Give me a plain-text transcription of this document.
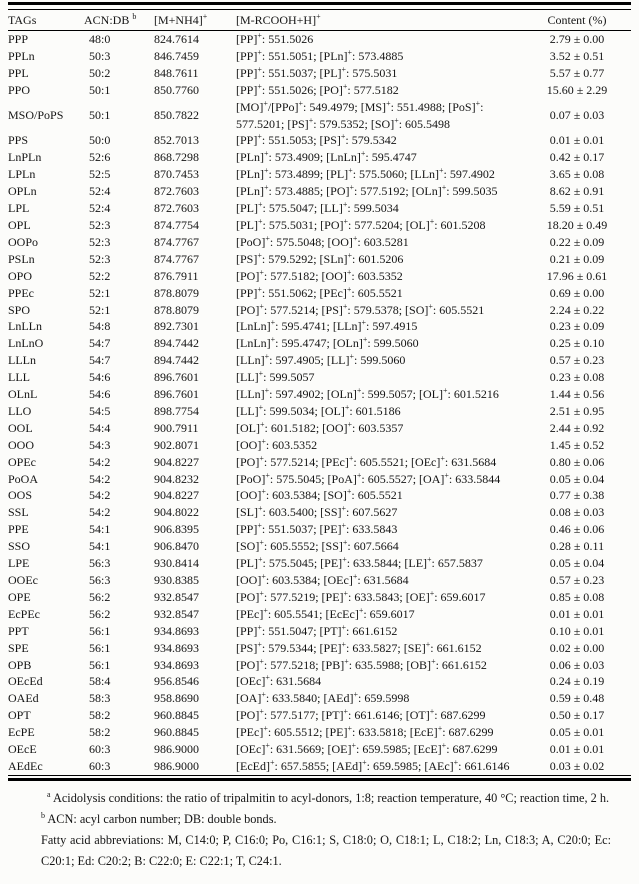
TAGs	ACN:DB $^b$	[M+NH4]+	[M-RCOOH+H]+	Content (%)
PPP	48:0	824.7614	[PP]+: 551.5026	2.79 ± 0.00
PPLn	50:3	846.7459	[PP]+: 551.5051; [PLn]+: 573.4885	3.52 ± 0.51
PPL	50:2	848.7611	[PP]+: 551.5037; [PL]+: 575.5031	5.57 ± 0.77
PPO	50:1	850.7760	[PP]+: 551.5026; [PO]+: 577.5182	15.60 ± 2.29
MSO/PoPS	50:1	850.7822	[MO]+/[PPo]+: 549.4979; [MS]+: 551.4988; [PoS]+: 577.5201; [PS]+: 579.5352; [SO]+: 605.5498	0.07 ± 0.03
PPS	50:0	852.7013	[PP]+: 551.5053; [PS]+: 579.5342	0.01 ± 0.01
LnPLn	52:6	868.7298	[PLn]+: 573.4909; [LnLn]+: 595.4747	0.42 ± 0.17
LPLn	52:5	870.7453	[PLn]+: 573.4899; [PL]+: 575.5060; [LLn]+: 597.4902	3.65 ± 0.08
OPLn	52:4	872.7603	[PLn]+: 573.4885; [PO]+: 577.5192; [OLn]+: 599.5035	8.62 ± 0.91
LPL	52:4	872.7603	[PL]+: 575.5047; [LL]+: 599.5034	5.59 ± 0.51
OPL	52:3	874.7754	[PL]+: 575.5031; [PO]+: 577.5204; [OL]+: 601.5208	18.20 ± 0.49
OOPo	52:3	874.7767	[PoO]+: 575.5048; [OO]+: 603.5281	0.22 ± 0.09
PSLn	52:3	874.7767	[PS]+: 579.5292; [SLn]+: 601.5206	0.21 ± 0.09
OPO	52:2	876.7911	[PO]+: 577.5182; [OO]+: 603.5352	17.96 ± 0.61
PPEc	52:1	878.8079	[PP]+: 551.5062; [PEc]+: 605.5521	0.69 ± 0.00
SPO	52:1	878.8079	[PO]+: 577.5214; [PS]+: 579.5378; [SO]+: 605.5521	2.24 ± 0.22
LnLLn	54:8	892.7301	[LnLn]+: 595.4741; [LLn]+: 597.4915	0.23 ± 0.09
LnLnO	54:7	894.7442	[LnLn]+: 595.4747; [OLn]+: 599.5060	0.25 ± 0.10
LLLn	54:7	894.7442	[LLn]+: 597.4905; [LL]+: 599.5060	0.57 ± 0.23
LLL	54:6	896.7601	[LL]+: 599.5057	0.23 ± 0.08
OLnL	54:6	896.7601	[LLn]+: 597.4902; [OLn]+: 599.5057; [OL]+: 601.5216	1.44 ± 0.56
LLO	54:5	898.7754	[LL]+: 599.5034; [OL]+: 601.5186	2.51 ± 0.95
OOL	54:4	900.7911	[OL]+: 601.5182; [OO]+: 603.5357	2.44 ± 0.92
OOO	54:3	902.8071	[OO]+: 603.5352	1.45 ± 0.52
OPEc	54:2	904.8227	[PO]+: 577.5214; [PEc]+: 605.5521; [OEc]+: 631.5684	0.80 ± 0.06
PoOA	54:2	904.8232	[PoO]+: 575.5045; [PoA]+: 605.5527; [OA]+: 633.5844	0.05 ± 0.04
OOS	54:2	904.8227	[OO]+: 603.5384; [SO]+: 605.5521	0.77 ± 0.38
SSL	54:2	904.8022	[SL]+: 603.5400; [SS]+: 607.5627	0.08 ± 0.03
PPE	54:1	906.8395	[PP]+: 551.5037; [PE]+: 633.5843	0.46 ± 0.06
SSO	54:1	906.8470	[SO]+: 605.5552; [SS]+: 607.5664	0.28 ± 0.11
LPE	56:3	930.8414	[PL]+: 575.5045; [PE]+: 633.5844; [LE]+: 657.5837	0.05 ± 0.04
OOEc	56:3	930.8385	[OO]+: 603.5384; [OEc]+: 631.5684	0.57 ± 0.23
OPE	56:2	932.8547	[PO]+: 577.5219; [PE]+: 633.5843; [OE]+: 659.6017	0.85 ± 0.08
EcPEc	56:2	932.8547	[PEc]+: 605.5541; [EcEc]+: 659.6017	0.01 ± 0.01
PPT	56:1	934.8693	[PP]+: 551.5047; [PT]+: 661.6152	0.10 ± 0.01
SPE	56:1	934.8693	[PS]+: 579.5344; [PE]+: 633.5827; [SE]+: 661.6152	0.02 ± 0.00
OPB	56:1	934.8693	[PO]+: 577.5218; [PB]+: 635.5988; [OB]+: 661.6152	0.06 ± 0.03
OEcEd	58:4	956.8546	[OEc]+: 631.5684	0.24 ± 0.19
OAEd	58:3	958.8690	[OA]+: 633.5840; [AEd]+: 659.5998	0.59 ± 0.48
OPT	58:2	960.8845	[PO]+: 577.5177; [PT]+: 661.6146; [OT]+: 687.6299	0.50 ± 0.17
EcPE	58:2	960.8845	[PEc]+: 605.5512; [PE]+: 633.5818; [EcE]+: 687.6299	0.05 ± 0.01
OEcE	60:3	986.9000	[OEc]+: 631.5669; [OE]+: 659.5985; [EcE]+: 687.6299	0.01 ± 0.01
AEdEc	60:3	986.9000	[EcEd]+: 657.5855; [AEd]+: 659.5985; [AEc]+: 661.6146	0.03 ± 0.02

$^a$ Acidolysis conditions: the ratio of tripalmitin to acyl-donors, 1:8; reaction temperature, 40 °C; reaction time, 2 h.

$^b$ ACN: acyl carbon number; DB: double bonds.

Fatty acid abbreviations: M, C14:0; P, C16:0; Po, C16:1; S, C18:0; O, C18:1; L, C18:2; Ln, C18:3; A, C20:0; Ec: C20:1; Ed: C20:2; B: C22:0; E: C22:1; T, C24:1.
